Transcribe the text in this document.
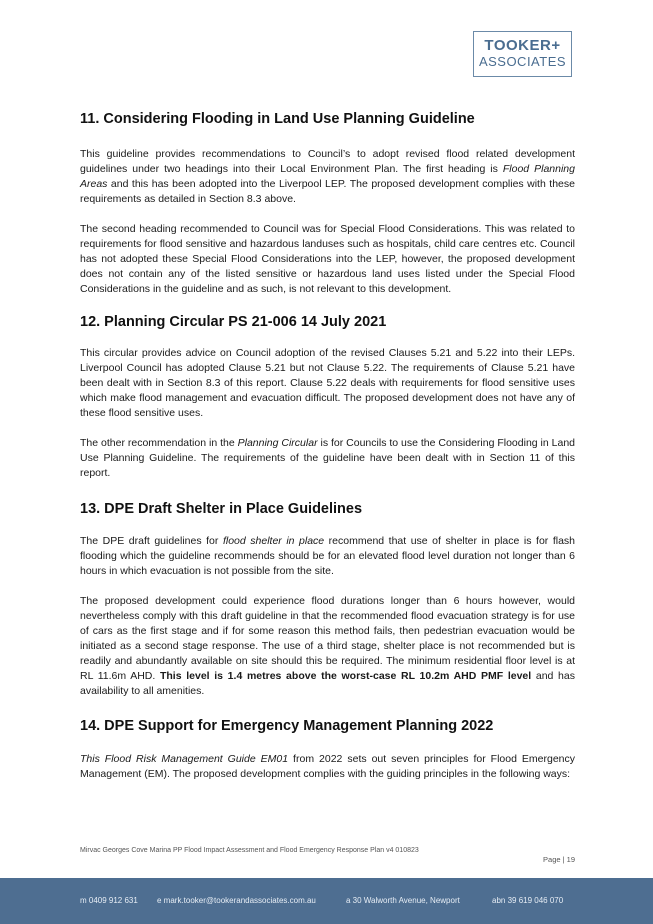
TOOKER+
ASSOCIATES
11. Considering Flooding in Land Use Planning Guideline

This guideline provides recommendations to Council’s to adopt revised flood related development guidelines under two headings into their Local Environment Plan. The first heading is Flood Planning Areas and this has been adopted into the Liverpool LEP. The proposed development complies with these requirements as detailed in Section 8.3 above.

The second heading recommended to Council was for Special Flood Considerations. This was related to requirements for flood sensitive and hazardous landuses such as hospitals, child care centres etc. Council has not adopted these Special Flood Considerations into the LEP, however, the proposed development does not contain any of the listed sensitive or hazardous land uses listed under the Special Flood Considerations in the guideline and as such, is not relevant to this development.

12. Planning Circular PS 21-006 14 July 2021

This circular provides advice on Council adoption of the revised Clauses 5.21 and 5.22 into their LEPs. Liverpool Council has adopted Clause 5.21 but not Clause 5.22. The requirements of Clause 5.21 have been dealt with in Section 8.3 of this report. Clause 5.22 deals with requirements for flood sensitive uses which make flood management and evacuation difficult. The proposed development does not have any of these flood sensitive uses.

The other recommendation in the Planning Circular is for Councils to use the Considering Flooding in Land Use Planning Guideline. The requirements of the guideline have been dealt with in Section 11 of this report.

13. DPE Draft Shelter in Place Guidelines

The DPE draft guidelines for flood shelter in place recommend that use of shelter in place is for flash flooding which the guideline recommends should be for an elevated flood level duration not longer than 6 hours in which evacuation is not possible from the site.

The proposed development could experience flood durations longer than 6 hours however, would nevertheless comply with this draft guideline in that the recommended flood evacuation strategy is for use of cars as the first stage and if for some reason this method fails, then pedestrian evacuation would be initiated as a second stage response. The use of a third stage, shelter place is not recommended but is readily and abundantly available on site should this be required. The minimum residential floor level is at RL 11.6m AHD. This level is 1.4 metres above the worst-case RL 10.2m AHD PMF level and has availability to all amenities.

14. DPE Support for Emergency Management Planning 2022

This Flood Risk Management Guide EM01 from 2022 sets out seven principles for Flood Emergency Management (EM). The proposed development complies with the guiding principles in the following ways:

Mirvac Georges Cove Marina PP Flood Impact Assessment and Flood Emergency Response Plan v4 010823
Page | 19
m 0409 912 631 e mark.tooker@tookerandassociates.com.au	a 30 Walworth Avenue, Newport	abn 39 619 046 070
